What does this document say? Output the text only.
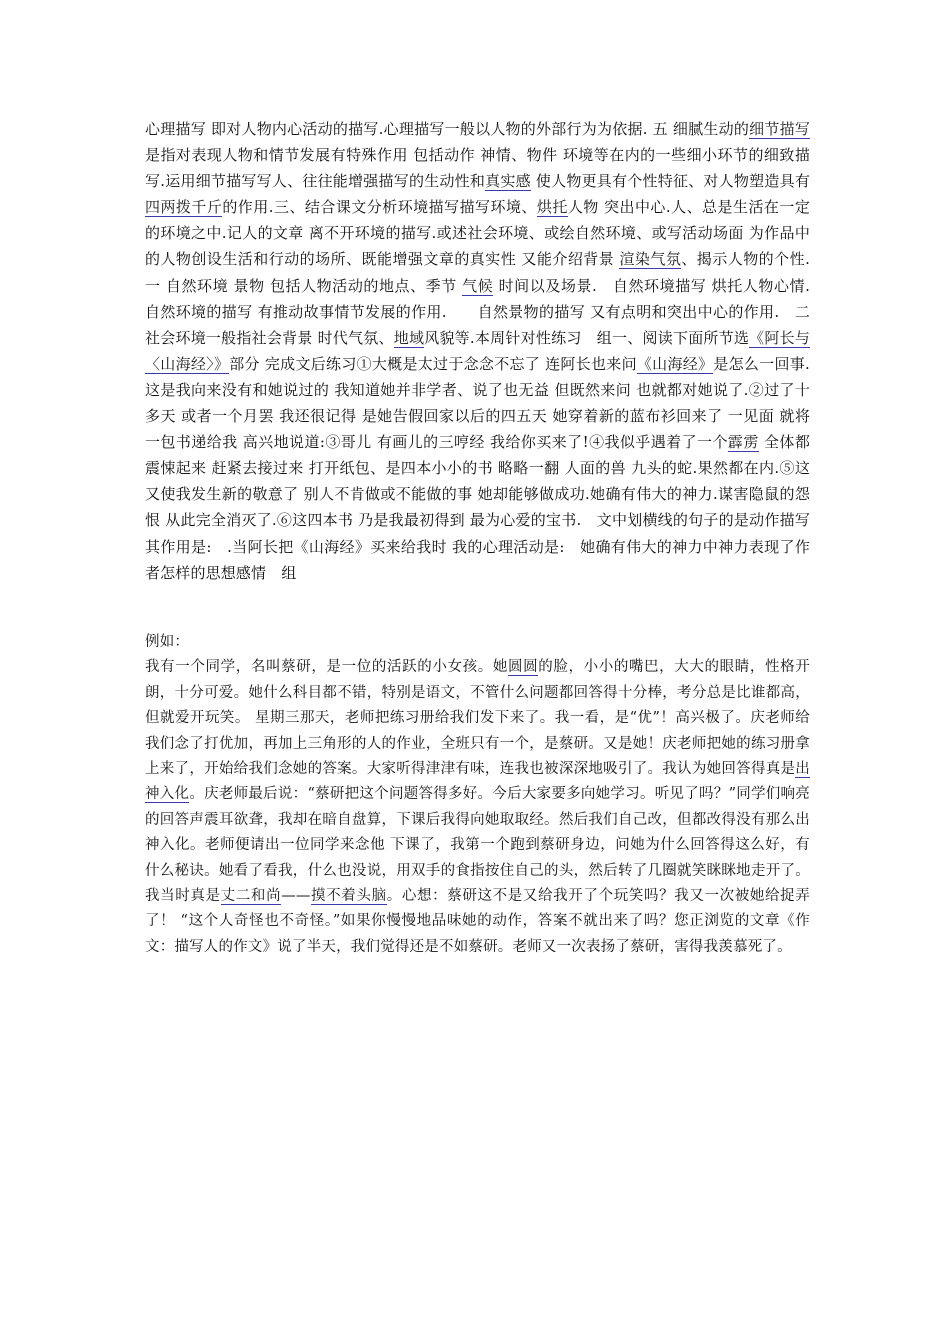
心理描写 即对人物内心活动的描写.心理描写一般以人物的外部行为为依据. 五 细腻生动的细节描写是指对表现人物和情节发展有特殊作用 包括动作 神情、物件 环境等在内的一些细小环节的细致描写.运用细节描写写人、往往能增强描写的生动性和真实感 使人物更具有个性特征、对人物塑造具有四两拨千斤的作用.三、结合课文分析环境描写描写环境、烘托人物 突出中心.人、总是生活在一定的环境之中.记人的文章 离不开环境的描写.或述社会环境、或绘自然环境、或写活动场面 为作品中的人物创设生活和行动的场所、既能增强文章的真实性 又能介绍背景 渲染气氛、揭示人物的个性. 一 自然环境 景物 包括人物活动的地点、季节 气候 时间以及场景.　自然环境描写 烘托人物心情.　　自然环境的描写 有推动故事情节发展的作用.　　自然景物的描写 又有点明和突出中心的作用.　二 社会环境一般指社会背景 时代气氛、地域风貌等.本周针对性练习　组一、阅读下面所节选《阿长与〈山海经〉》部分 完成文后练习①大概是太过于念念不忘了 连阿长也来问《山海经》是怎么一回事.这是我向来没有和她说过的 我知道她并非学者、说了也无益 但既然来问 也就都对她说了.②过了十多天 或者一个月罢 我还很记得 是她告假回家以后的四五天 她穿着新的蓝布衫回来了 一见面 就将一包书递给我 高兴地说道:③哥儿 有画儿的三哼经 我给你买来了!④我似乎遇着了一个霹雳 全体都震悚起来 赶紧去接过来 打开纸包、是四本小小的书 略略一翻 人面的兽 九头的蛇.果然都在内.⑤这又使我发生新的敬意了 别人不肯做或不能做的事 她却能够做成功.她确有伟大的神力.谋害隐鼠的怨恨 从此完全消灭了.⑥这四本书 乃是我最初得到 最为心爱的宝书.　文中划横线的句子的是动作描写 其作用是:　.当阿长把《山海经》买来给我时 我的心理活动是:　她确有伟大的神力中神力表现了作者怎样的思想感情　组

例如：

我有一个同学，名叫蔡研，是一位的活跃的小女孩。她圆圆的脸，小小的嘴巴，大大的眼睛，性格开朗，十分可爱。她什么科目都不错，特别是语文，不管什么问题都回答得十分棒，考分总是比谁都高，但就爱开玩笑。 星期三那天，老师把练习册给我们发下来了。我一看，是“优”！高兴极了。庆老师给我们念了打优加，再加上三角形的人的作业，全班只有一个，是蔡研。又是她！庆老师把她的练习册拿上来了，开始给我们念她的答案。大家听得津津有味，连我也被深深地吸引了。我认为她回答得真是出神入化。庆老师最后说：“蔡研把这个问题答得多好。今后大家要多向她学习。听见了吗？”同学们响亮的回答声震耳欲聋，我却在暗自盘算，下课后我得向她取取经。然后我们自己改，但都改得没有那么出神入化。老师便请出一位同学来念他 下课了，我第一个跑到蔡研身边，问她为什么回答得这么好，有什么秘诀。她看了看我，什么也没说，用双手的食指按住自己的头，然后转了几圈就笑眯眯地走开了。我当时真是丈二和尚——摸不着头脑。心想：蔡研这不是又给我开了个玩笑吗？我又一次被她给捉弄了！ “这个人奇怪也不奇怪。”如果你慢慢地品味她的动作，答案不就出来了吗？您正浏览的文章《作文：描写人的作文》说了半天，我们觉得还是不如蔡研。老师又一次表扬了蔡研，害得我羡慕死了。
